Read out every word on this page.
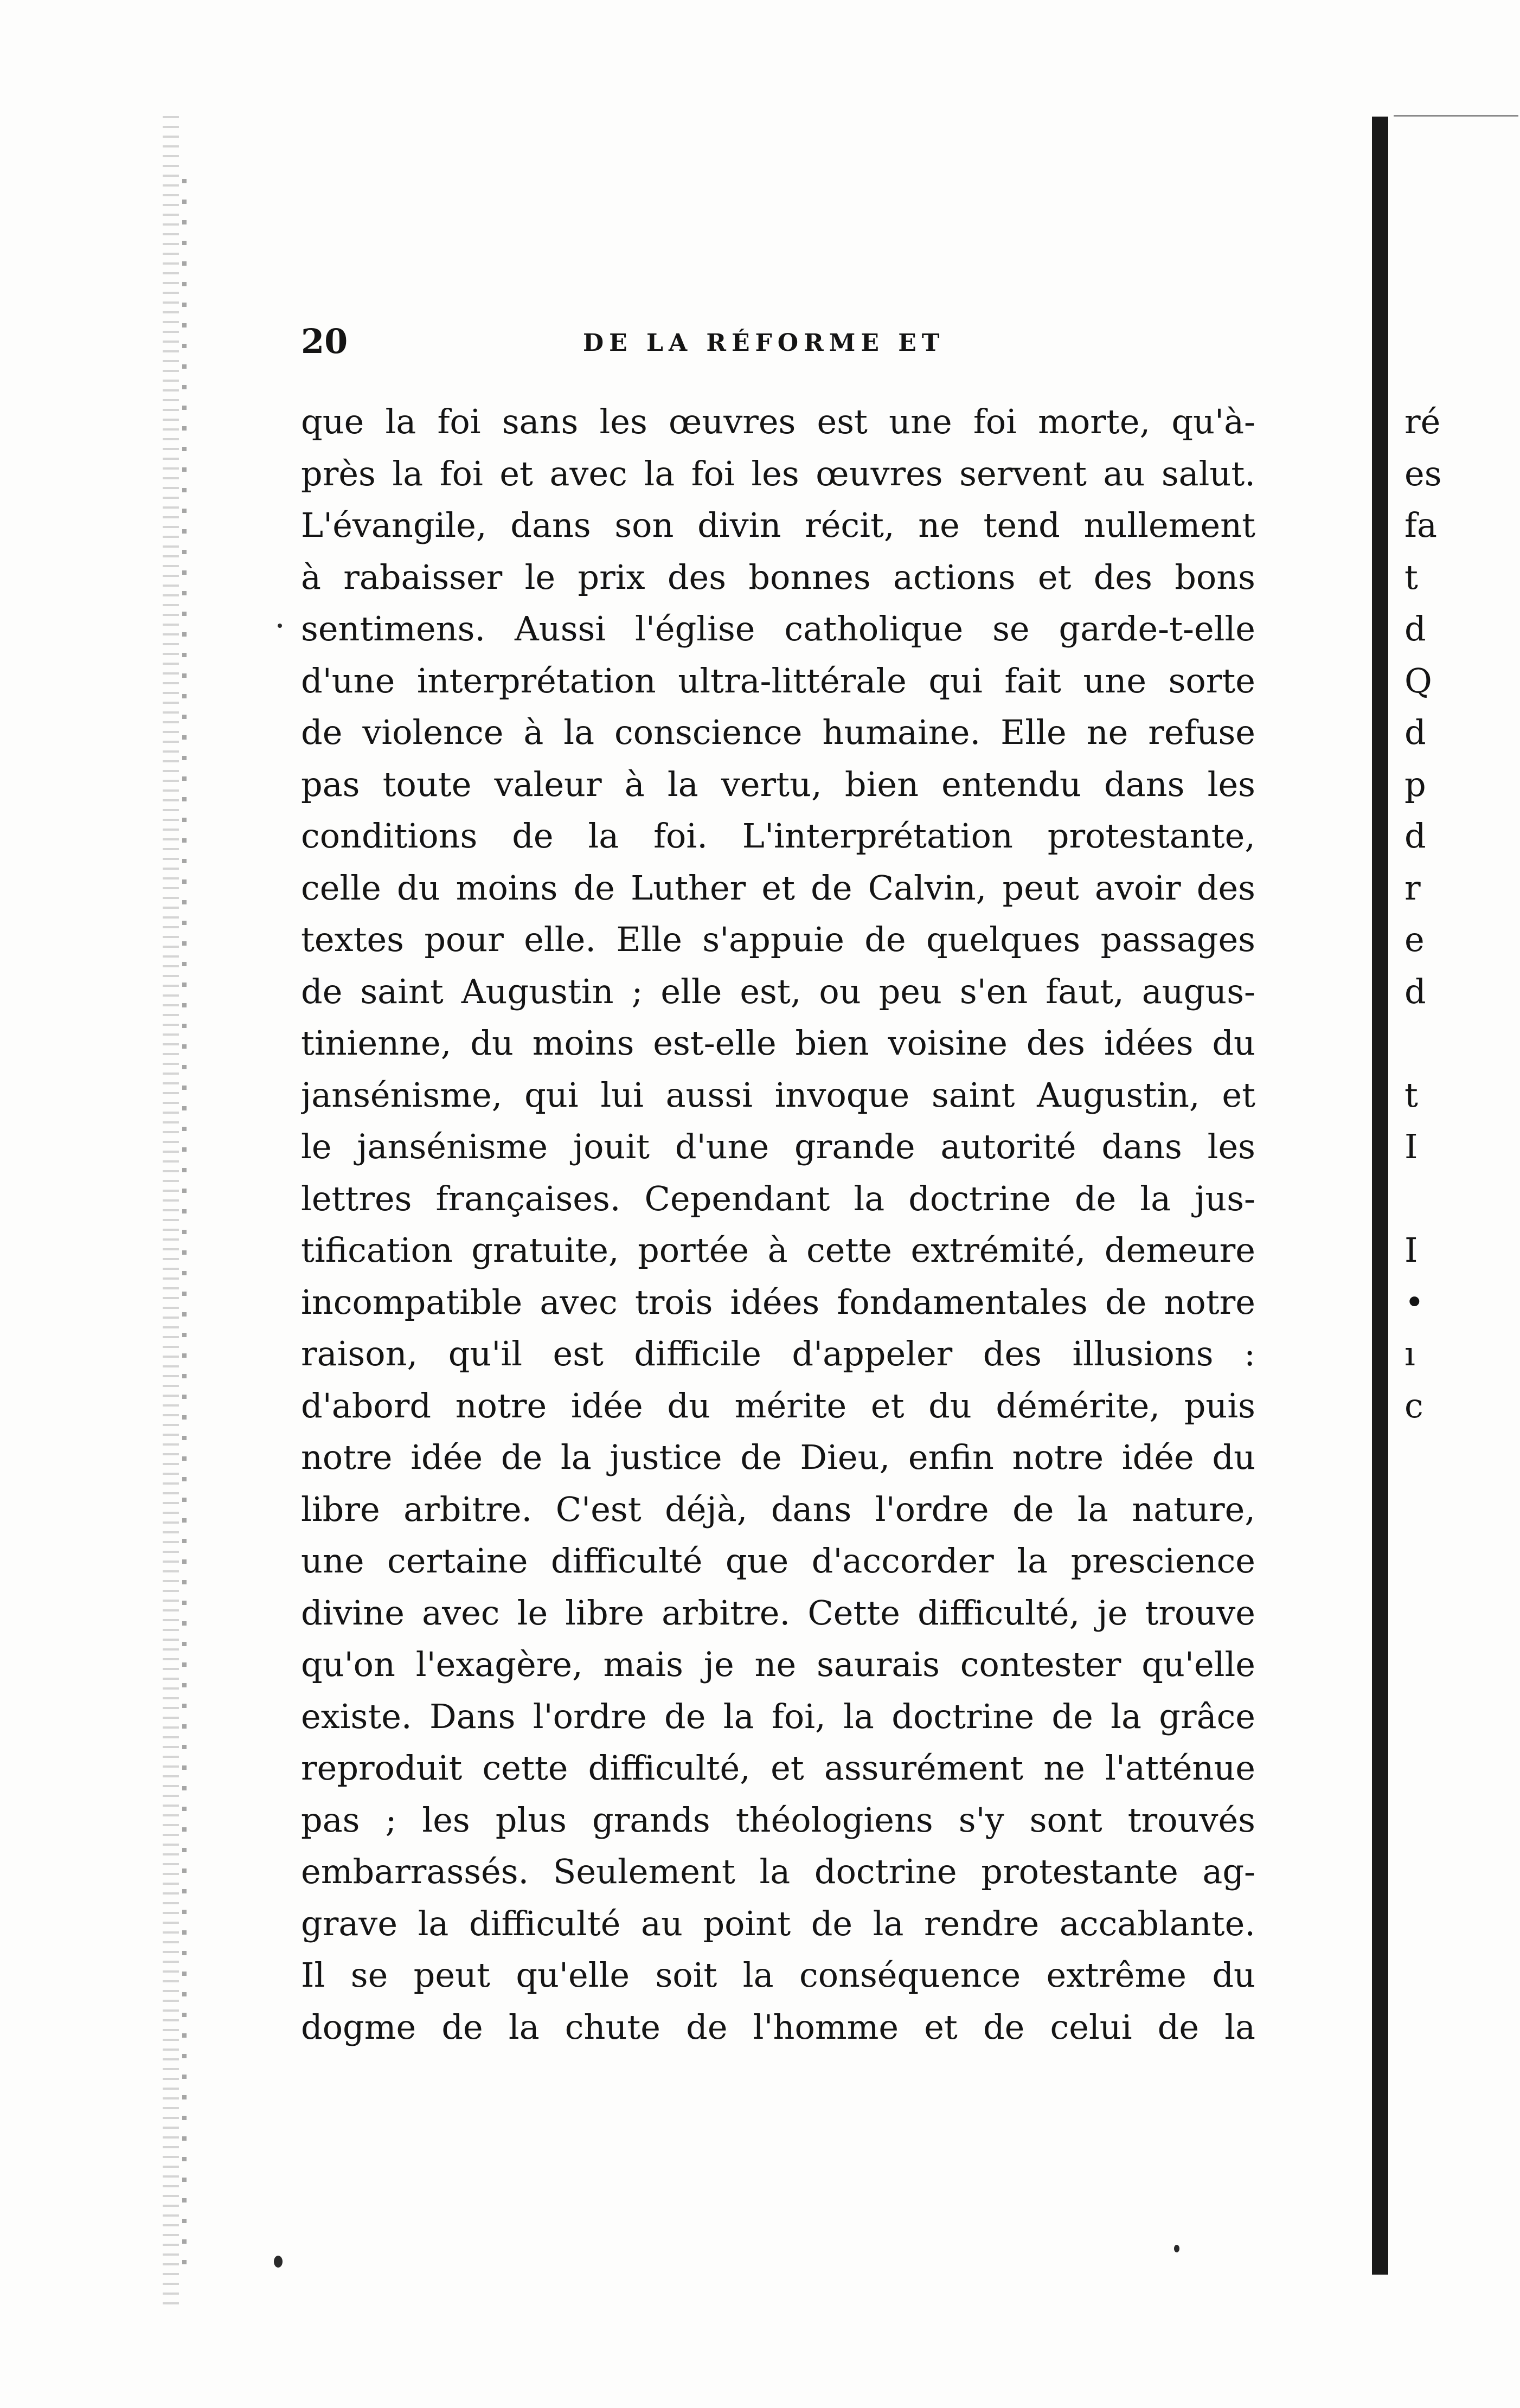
20	DE LA RÉFORME ET
que la foi sans les œuvres est une foi morte, qu'à-
près la foi et avec la foi les œuvres servent au salut.
L'évangile, dans son divin récit, ne tend nullement
à rabaisser le prix des bonnes actions et des bons
sentimens. Aussi l'église catholique se garde-t-elle
d'une interprétation ultra-littérale qui fait une sorte
de violence à la conscience humaine. Elle ne refuse
pas toute valeur à la vertu, bien entendu dans les
conditions de la foi. L'interprétation protestante,
celle du moins de Luther et de Calvin, peut avoir des
textes pour elle. Elle s'appuie de quelques passages
de saint Augustin ; elle est, ou peu s'en faut, augus-
tinienne, du moins est-elle bien voisine des idées du
jansénisme, qui lui aussi invoque saint Augustin, et
le jansénisme jouit d'une grande autorité dans les
lettres françaises. Cependant la doctrine de la jus-
tification gratuite, portée à cette extrémité, demeure
incompatible avec trois idées fondamentales de notre
raison, qu'il est difficile d'appeler des illusions :
d'abord notre idée du mérite et du démérite, puis
notre idée de la justice de Dieu, enfin notre idée du
libre arbitre. C'est déjà, dans l'ordre de la nature,
une certaine difficulté que d'accorder la prescience
divine avec le libre arbitre. Cette difficulté, je trouve
qu'on l'exagère, mais je ne saurais contester qu'elle
existe. Dans l'ordre de la foi, la doctrine de la grâce
reproduit cette difficulté, et assurément ne l'atténue
pas ; les plus grands théologiens s'y sont trouvés
embarrassés. Seulement la doctrine protestante ag-
grave la difficulté au point de la rendre accablante.
Il se peut qu'elle soit la conséquence extrême du
dogme de la chute de l'homme et de celui de la
ré
es
fa
t
d
Q
d
p
d
r
e
d
t
I
I
•
ı
c
